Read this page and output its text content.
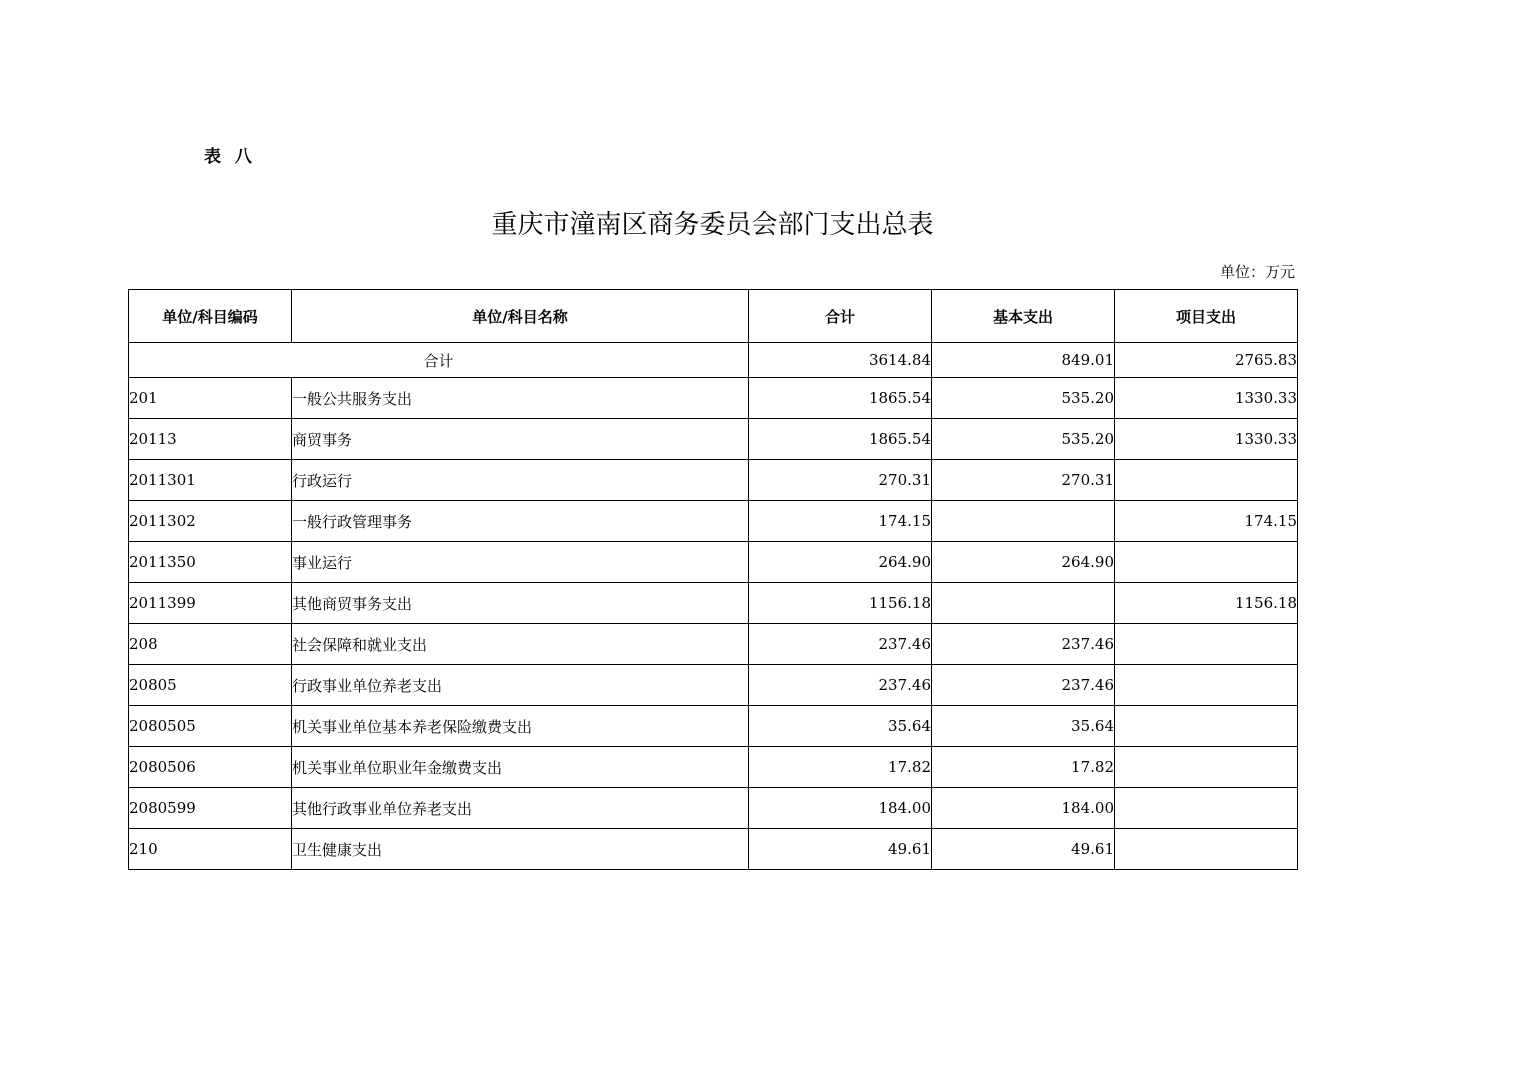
表 八
重庆市潼南区商务委员会部门支出总表
单位：万元
单位/科目编码	单位/科目名称	合计	基本支出	项目支出
合计		3614.84	849.01	2765.83
201	一般公共服务支出	1865.54	535.20	1330.33
20113	商贸事务	1865.54	535.20	1330.33
2011301	行政运行	270.31	270.31	
2011302	一般行政管理事务	174.15		174.15
2011350	事业运行	264.90	264.90	
2011399	其他商贸事务支出	1156.18		1156.18
208	社会保障和就业支出	237.46	237.46	
20805	行政事业单位养老支出	237.46	237.46	
2080505	机关事业单位基本养老保险缴费支出	35.64	35.64	
2080506	机关事业单位职业年金缴费支出	17.82	17.82	
2080599	其他行政事业单位养老支出	184.00	184.00	
210	卫生健康支出	49.61	49.61	
